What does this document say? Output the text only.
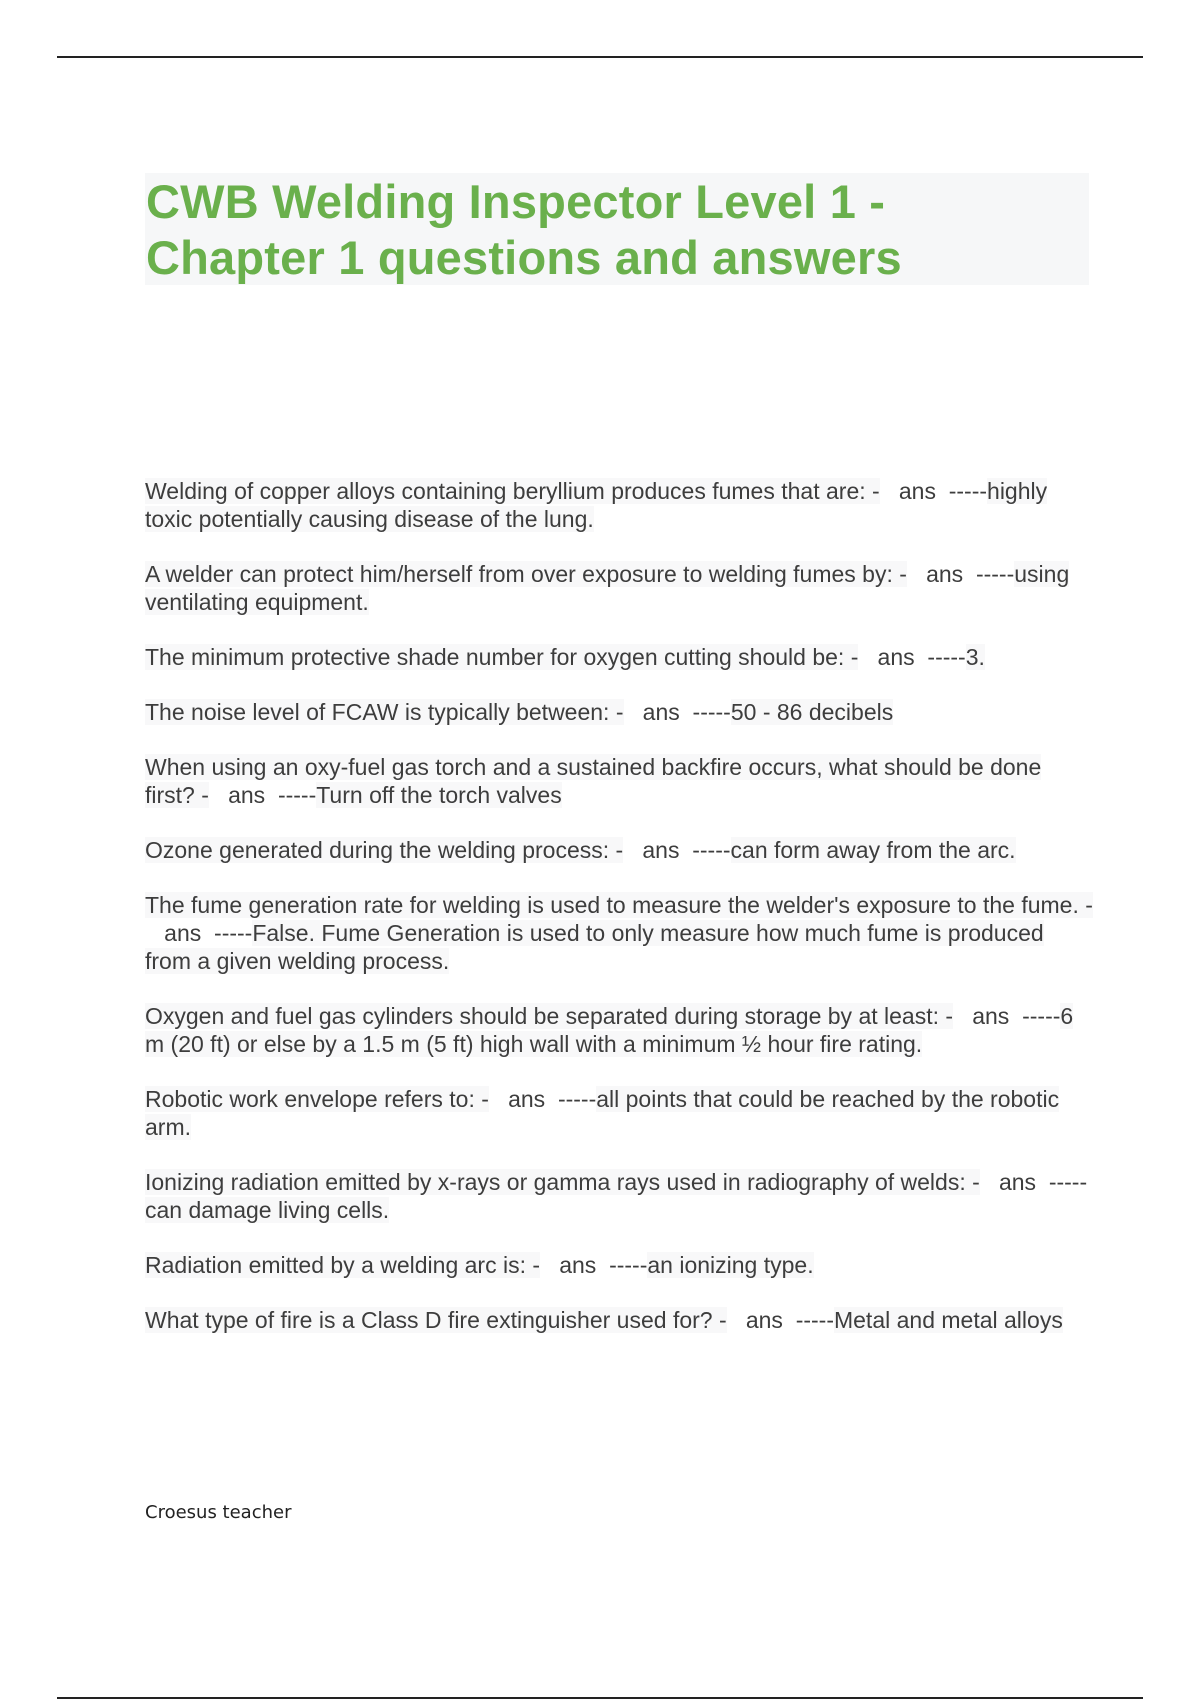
CWB Welding Inspector Level 1 -
Chapter 1 questions and answers

Welding of copper alloys containing beryllium produces fumes that are: - ans -----highly toxic potentially causing disease of the lung.

A welder can protect him/herself from over exposure to welding fumes by: - ans -----using ventilating equipment.

The minimum protective shade number for oxygen cutting should be: - ans -----3.

The noise level of FCAW is typically between: - ans -----50 - 86 decibels

When using an oxy-fuel gas torch and a sustained backfire occurs, what should be done first? - ans -----Turn off the torch valves

Ozone generated during the welding process: - ans -----can form away from the arc.

The fume generation rate for welding is used to measure the welder's exposure to the fume. -   ans -----False. Fume Generation is used to only measure how much fume is produced from a given welding process.

Oxygen and fuel gas cylinders should be separated during storage by at least: - ans -----6 m (20 ft) or else by a 1.5 m (5 ft) high wall with a minimum ½ hour fire rating.

Robotic work envelope refers to: - ans -----all points that could be reached by the robotic arm.

Ionizing radiation emitted by x-rays or gamma rays used in radiography of welds: - ans -----can damage living cells.

Radiation emitted by a welding arc is: - ans -----an ionizing type.

What type of fire is a Class D fire extinguisher used for? - ans -----Metal and metal alloys

Croesus teacher
